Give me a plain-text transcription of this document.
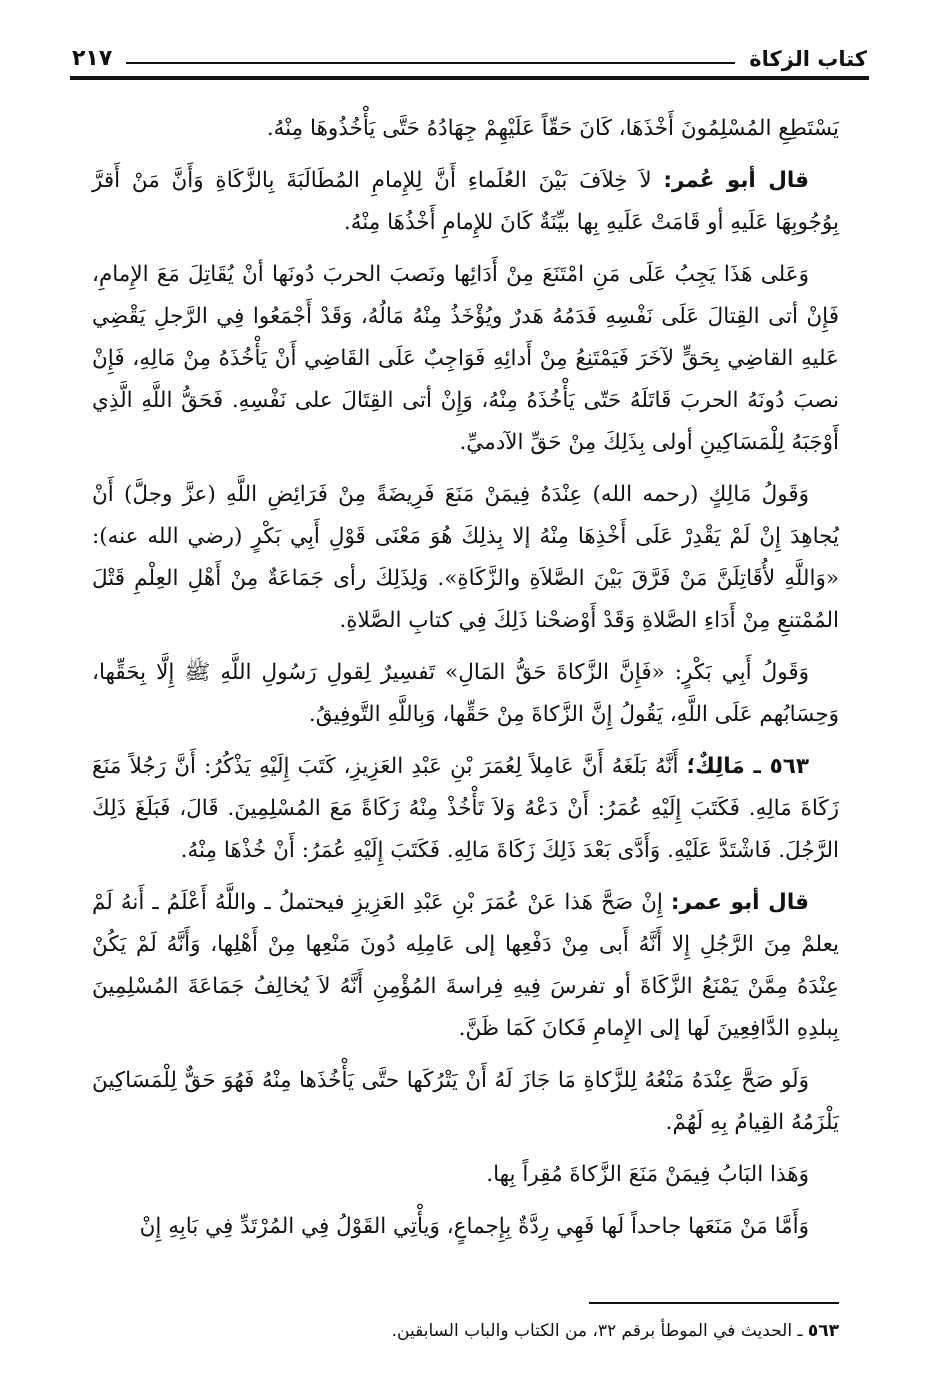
كتاب الزكاة
٢١٧

يَسْتَطِعِ المُسْلِمُونَ أَخْذَهَا، كَانَ حَقّاً عَلَيْهِمْ جِهَادُهُ حَتَّى يَأْخُذُوهَا مِنْهُ.

قال أبو عُمر: لاَ خِلاَفَ بَيْنَ العُلَماءِ أَنَّ لِلإِمامِ المُطَالَبَةَ بِالزَّكَاةِ وَأَنَّ مَنْ أَقرَّ بِوُجُوبِهَا عَلَيهِ أو قَامَتْ عَلَيهِ بِها بيِّنَةٌ كَانَ للإِمامِ أَخْذُهَا مِنْهُ.

وَعَلى هَذَا يَجِبُ عَلَى مَنِ امْتَنَعَ مِنْ أَدَائِها ونَصبَ الحربَ دُونَها أنْ يُقَاتِلَ مَعَ الإِمامِ، فَإِنْ أتى القِتالَ عَلَى نَفْسِهِ فَدَمُهُ هَدرٌ ويُؤْخَذُ مِنْهُ مَالُهُ، وَقَدْ أَجْمَعُوا فِي الرَّجلِ يَقْضِي عَليهِ القاضِي بِحَقٍّ لآخَرَ فَيَمْتَنِعُ مِنْ أَدائِهِ فَوَاجِبٌ عَلَى القَاضِي أَنْ يَأْخُذَهُ مِنْ مَالِهِ، فَإِنْ نصبَ دُونَهُ الحربَ قَاتَلَهُ حَتّى يَأْخُذَهُ مِنْهُ، وَإِنْ أتى القِتَالَ على نَفْسِهِ. فَحَقُّ اللَّهِ الَّذِي أَوْجَبَهُ لِلْمَسَاكِينِ أولى بِذَلِكَ مِنْ حَقِّ الآدميِّ.

وَقَولُ مَالِكٍ (رحمه الله) عِنْدَهُ فِيمَنْ مَنَعَ فَرِيضَةً مِنْ فَرَائِضِ اللَّهِ (عزَّ وجلَّ) أَنْ يُجاهِدَ إِنْ لَمْ يَقْدِرْ عَلَى أَخْذِهَا مِنْهُ إلا بِذلِكَ هُوَ مَعْنَى قَوْلِ أَبِي بَكْرٍ (رضي الله عنه): «وَاللَّهِ لأُقَاتِلَنَّ مَنْ فَرَّقَ بَيْنَ الصَّلاَةِ والزَّكَاةِ». وَلِذَلِكَ رأى جَمَاعَةٌ مِنْ أَهْلِ العِلْمِ قَتْلَ المُمْتنعِ مِنْ أَدَاءِ الصَّلاةِ وَقَدْ أَوْضحْنا ذَلِكَ فِي كتابِ الصَّلاةِ.

وَقَولُ أَبِي بَكْرٍ: «فَإِنَّ الزَّكاةَ حَقُّ المَالِ» تَفسِيرٌ لِقولِ رَسُولِ اللَّهِ ﷺ إِلَّا بِحَقِّها، وَحِسَابُهم عَلَى اللَّهِ، يَقُولُ إِنَّ الزَّكاةَ مِنْ حَقِّها، وَبِاللَّهِ التَّوفِيقُ.

٥٦٣ ـ مَالِكٌ؛ أَنَّهُ بَلَغَهُ أَنَّ عَامِلاً لِعُمَرَ بْنِ عَبْدِ العَزِيزِ، كَتَبَ إِلَيْهِ يَذْكُرُ: أَنَّ رَجُلاً مَنَعَ زَكَاةَ مَالِهِ. فَكَتَبَ إِلَيْهِ عُمَرُ: أَنْ دَعْهُ وَلاَ تَأْخُذْ مِنْهُ زَكَاةً مَعَ المُسْلِمِينَ. قَالَ، فَبَلَغَ ذَلِكَ الرَّجُلَ. فَاشْتَدَّ عَلَيْهِ. وَأَدَّى بَعْدَ ذَلِكَ زَكَاةَ مَالِهِ. فَكَتَبَ إِلَيْهِ عُمَرُ: أَنْ خُذْهَا مِنْهُ.

قال أبو عمر: إِنْ صَحَّ هَذا عَنْ عُمَرَ بْنِ عَبْدِ العَزِيزِ فيحتملُ ـ واللَّهُ أَعْلَمُ ـ أَنهُ لَمْ يعلمْ مِنَ الرَّجُلِ إِلا أَنَّهُ أَبى مِنْ دَفْعِها إلى عَامِلِه دُونَ مَنْعِها مِنْ أَهْلِها، وَأَنَّهُ لَمْ يَكُنْ عِنْدَهُ مِمَّنْ يَمْنَعُ الزَّكَاةَ أو تفرسَ فِيهِ فِراسةَ المُؤْمِنِ أَنَّهُ لاَ يُخالِفُ جَمَاعَةَ المُسْلِمِينَ بِبلدِهِ الدَّافِعِينَ لَها إلى الإِمامِ فَكانَ كَمَا ظَنَّ.

وَلَو صَحَّ عِنْدَهُ مَنْعُهُ لِلزَّكاةِ مَا جَازَ لَهُ أَنْ يَتْرُكَها حتَّى يَأْخُذَها مِنْهُ فَهُوَ حَقٌّ لِلْمَسَاكِينَ يَلْزَمُهُ القِيامُ بِهِ لَهُمْ.

وَهَذا البَابُ فِيمَنْ مَنَعَ الزَّكاةَ مُقِراً بِها.

وَأَمَّا مَنْ مَنَعَها جاحداً لَها فَهِي رِدَّةٌ بِإِجماعٍ، وَيأْتِي القَوْلُ فِي المُرْتَدِّ فِي بَابِهِ إِنْ

٥٦٣ ـ الحديث في الموطأ برقم ٣٢، من الكتاب والباب السابقين.
